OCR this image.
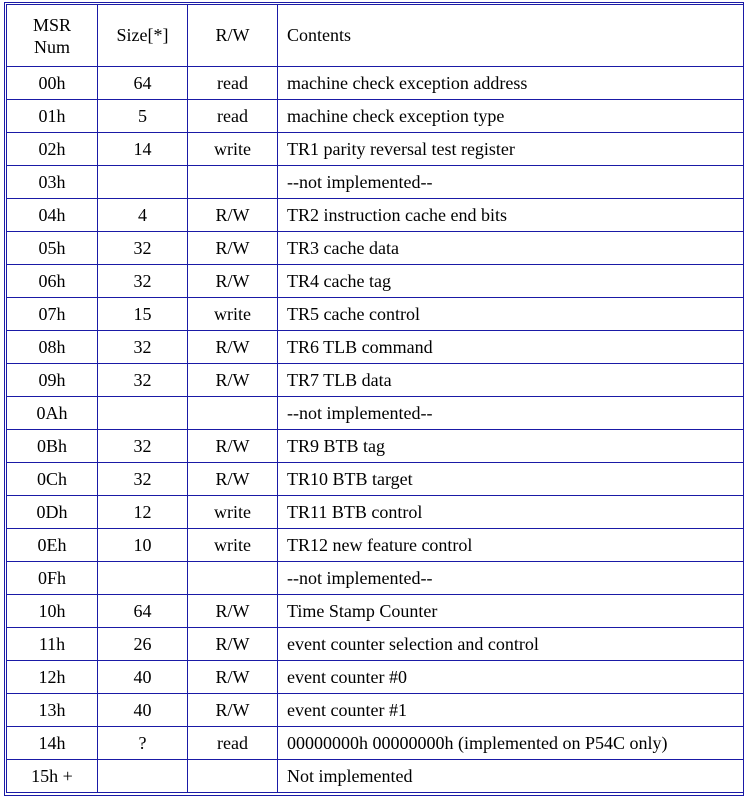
MSR
Num	Size[*]	R/W	Contents
00h	64	read	machine check exception address
01h	5	read	machine check exception type
02h	14	write	TR1 parity reversal test register
03h			--not implemented--
04h	4	R/W	TR2 instruction cache end bits
05h	32	R/W	TR3 cache data
06h	32	R/W	TR4 cache tag
07h	15	write	TR5 cache control
08h	32	R/W	TR6 TLB command
09h	32	R/W	TR7 TLB data
0Ah			--not implemented--
0Bh	32	R/W	TR9 BTB tag
0Ch	32	R/W	TR10 BTB target
0Dh	12	write	TR11 BTB control
0Eh	10	write	TR12 new feature control
0Fh			--not implemented--
10h	64	R/W	Time Stamp Counter
11h	26	R/W	event counter selection and control
12h	40	R/W	event counter #0
13h	40	R/W	event counter #1
14h	?	read	00000000h 00000000h (implemented on P54C only)
15h +			Not implemented
